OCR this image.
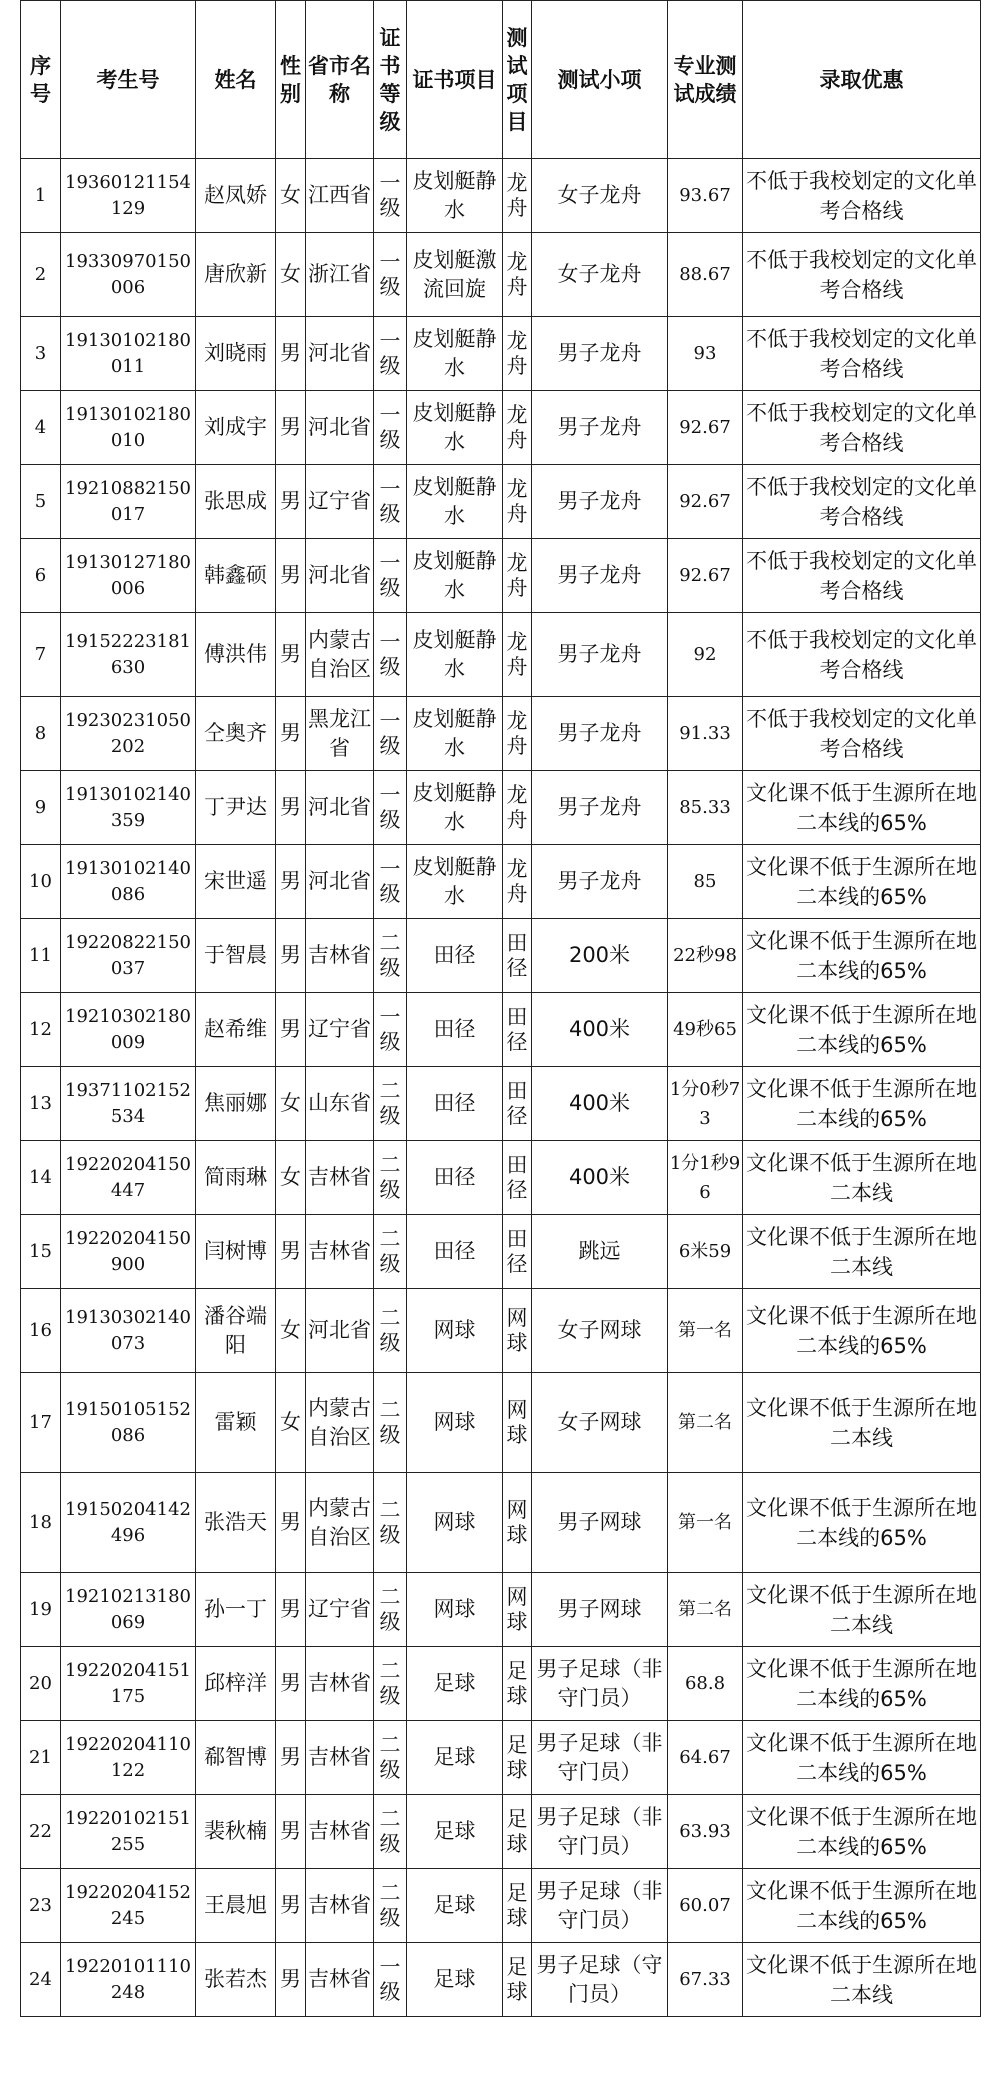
序号	考生号	姓名	性别	省市名称	证书等级	证书项目	测试项目	测试小项	专业测试成绩	录取优惠
1	19360121154129	赵凤娇	女	江西省	一级	皮划艇静水	龙舟	女子龙舟	93.67	不低于我校划定的文化单考合格线
2	19330970150006	唐欣新	女	浙江省	一级	皮划艇激流回旋	龙舟	女子龙舟	88.67	不低于我校划定的文化单考合格线
3	19130102180011	刘晓雨	男	河北省	一级	皮划艇静水	龙舟	男子龙舟	93	不低于我校划定的文化单考合格线
4	19130102180010	刘成宇	男	河北省	一级	皮划艇静水	龙舟	男子龙舟	92.67	不低于我校划定的文化单考合格线
5	19210882150017	张思成	男	辽宁省	一级	皮划艇静水	龙舟	男子龙舟	92.67	不低于我校划定的文化单考合格线
6	19130127180006	韩鑫硕	男	河北省	一级	皮划艇静水	龙舟	男子龙舟	92.67	不低于我校划定的文化单考合格线
7	19152223181630	傅洪伟	男	内蒙古自治区	一级	皮划艇静水	龙舟	男子龙舟	92	不低于我校划定的文化单考合格线
8	19230231050202	仝奥齐	男	黑龙江省	一级	皮划艇静水	龙舟	男子龙舟	91.33	不低于我校划定的文化单考合格线
9	19130102140359	丁尹达	男	河北省	一级	皮划艇静水	龙舟	男子龙舟	85.33	文化课不低于生源所在地二本线的65%
10	19130102140086	宋世遥	男	河北省	一级	皮划艇静水	龙舟	男子龙舟	85	文化课不低于生源所在地二本线的65%
11	19220822150037	于智晨	男	吉林省	二级	田径	田径	200米	22秒98	文化课不低于生源所在地二本线的65%
12	19210302180009	赵希维	男	辽宁省	一级	田径	田径	400米	49秒65	文化课不低于生源所在地二本线的65%
13	19371102152534	焦丽娜	女	山东省	二级	田径	田径	400米	1分0秒73	文化课不低于生源所在地二本线的65%
14	19220204150447	简雨琳	女	吉林省	二级	田径	田径	400米	1分1秒96	文化课不低于生源所在地二本线
15	19220204150900	闫树博	男	吉林省	二级	田径	田径	跳远	6米59	文化课不低于生源所在地二本线
16	19130302140073	潘谷端阳	女	河北省	二级	网球	网球	女子网球	第一名	文化课不低于生源所在地二本线的65%
17	19150105152086	雷颖	女	内蒙古自治区	二级	网球	网球	女子网球	第二名	文化课不低于生源所在地二本线
18	19150204142496	张浩天	男	内蒙古自治区	二级	网球	网球	男子网球	第一名	文化课不低于生源所在地二本线的65%
19	19210213180069	孙一丁	男	辽宁省	二级	网球	网球	男子网球	第二名	文化课不低于生源所在地二本线
20	19220204151175	邱梓洋	男	吉林省	二级	足球	足球	男子足球（非守门员）	68.8	文化课不低于生源所在地二本线的65%
21	19220204110122	郗智博	男	吉林省	二级	足球	足球	男子足球（非守门员）	64.67	文化课不低于生源所在地二本线的65%
22	19220102151255	裴秋楠	男	吉林省	二级	足球	足球	男子足球（非守门员）	63.93	文化课不低于生源所在地二本线的65%
23	19220204152245	王晨旭	男	吉林省	二级	足球	足球	男子足球（非守门员）	60.07	文化课不低于生源所在地二本线的65%
24	19220101110248	张若杰	男	吉林省	一级	足球	足球	男子足球（守门员）	67.33	文化课不低于生源所在地二本线
